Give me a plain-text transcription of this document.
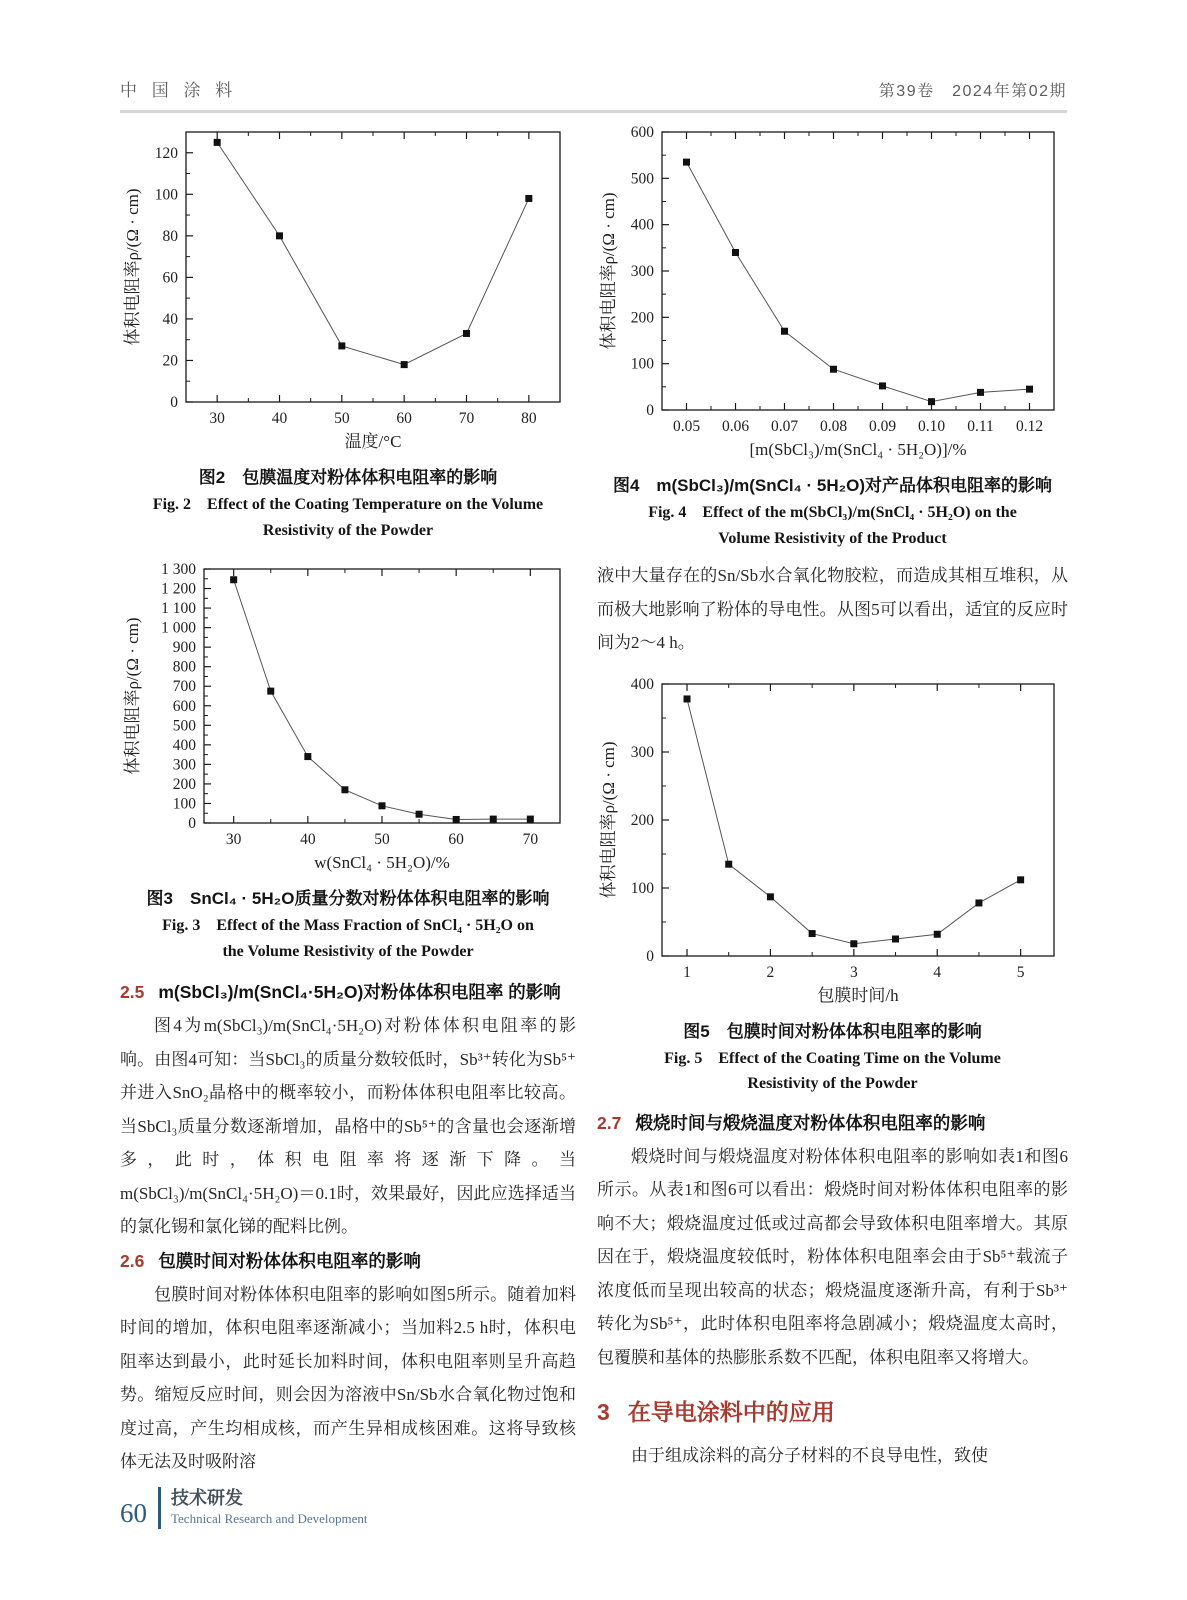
中 国 涂 料	第39卷　2024年第02期
30	40	50	60	70	80
0
20
40
60
80
100
120
温度/°C
体积电阻率ρ/(Ω · cm)
图2　包膜温度对粉体体积电阻率的影响
Fig. 2　Effect of the Coating Temperature on the Volume Resistivity of the Powder
30	40	50	60	70
0
100
200
300
400
500
600
700
800
900
1 000
1 100
1 200
1 300
w(SnCl₄ · 5H₂O)/%
体积电阻率ρ/(Ω · cm)
图3　SnCl₄ · 5H₂O质量分数对粉体体积电阻率的影响
Fig. 3　Effect of the Mass Fraction of SnCl₄ · 5H₂O on the Volume Resistivity of the Powder
2.5 m(SbCl₃)/m(SnCl₄·5H₂O)对粉体体积电阻率 的影响

图4为m(SbCl₃)/m(SnCl₄·5H₂O)对粉体体积电阻率的影响。由图4可知：当SbCl₃的质量分数较低时，Sb³⁺转化为Sb⁵⁺并进入SnO₂晶格中的概率较小，而粉体体积电阻率比较高。当SbCl₃质量分数逐渐增加，晶格中的Sb⁵⁺的含量也会逐渐增多，此时，体积电阻率将逐渐下降。当m(SbCl₃)/m(SnCl₄·5H₂O)＝0.1时，效果最好，因此应选择适当的氯化锡和氯化锑的配料比例。

2.6 包膜时间对粉体体积电阻率的影响

包膜时间对粉体体积电阻率的影响如图5所示。随着加料时间的增加，体积电阻率逐渐减小；当加料2.5 h时，体积电阻率达到最小，此时延长加料时间，体积电阻率则呈升高趋势。缩短反应时间，则会因为溶液中Sn/Sb水合氧化物过饱和度过高，产生均相成核，而产生异相成核困难。这将导致核体无法及时吸附溶

0.05 0.06 0.07 0.08 0.09 0.10 0.11 0.12
0
100
200
300
400
500
600
[m(SbCl₃)/m(SnCl₄ · 5H₂O)]/%
体积电阻率ρ/(Ω · cm)
图4　m(SbCl₃)/m(SnCl₄ · 5H₂O)对产品体积电阻率的影响
Fig. 4　Effect of the m(SbCl₃)/m(SnCl₄ · 5H₂O) on the Volume Resistivity of the Product

液中大量存在的Sn/Sb水合氧化物胶粒，而造成其相互堆积，从而极大地影响了粉体的导电性。从图5可以看出，适宜的反应时间为2～4 h。

1	2	3	4	5
0
100
200
300
400
包膜时间/h
体积电阻率ρ/(Ω · cm)
图5　包膜时间对粉体体积电阻率的影响
Fig. 5　Effect of the Coating Time on the Volume Resistivity of the Powder
2.7 煅烧时间与煅烧温度对粉体体积电阻率的影响

煅烧时间与煅烧温度对粉体体积电阻率的影响如表1和图6所示。从表1和图6可以看出：煅烧时间对粉体体积电阻率的影响不大；煅烧温度过低或过高都会导致体积电阻率增大。其原因在于，煅烧温度较低时，粉体体积电阻率会由于Sb⁵⁺载流子浓度低而呈现出较高的状态；煅烧温度逐渐升高，有利于Sb³⁺转化为Sb⁵⁺，此时体积电阻率将急剧减小；煅烧温度太高时，包覆膜和基体的热膨胀系数不匹配，体积电阻率又将增大。

3 在导电涂料中的应用

由于组成涂料的高分子材料的不良导电性，致使

60 技术研发
Technical Research and Development
